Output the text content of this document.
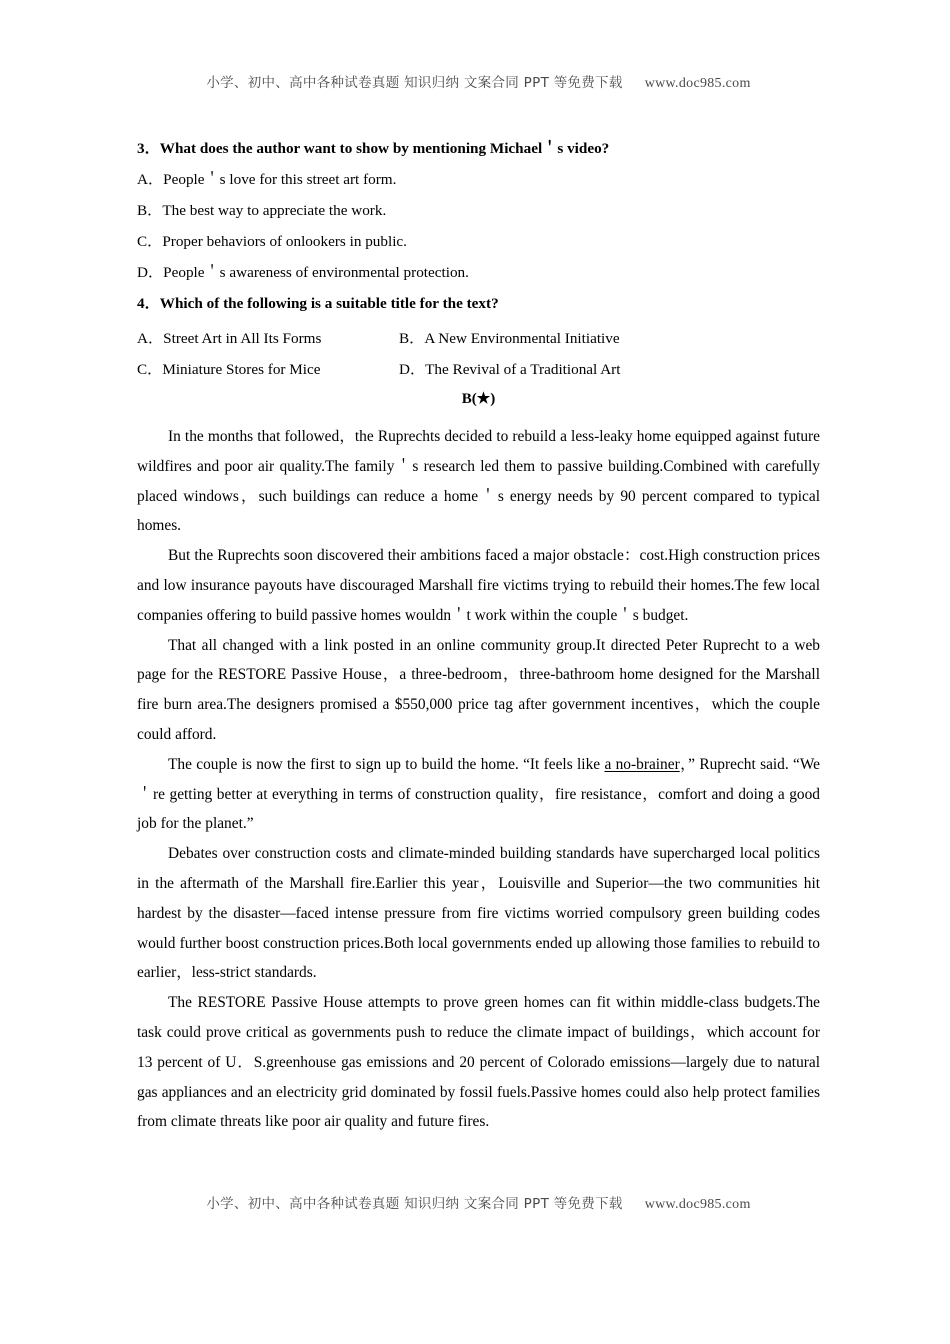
小学、初中、高中各种试卷真题 知识归纳 文案合同 PPT 等免费下载 www.doc985.com
3．What does the author want to show by mentioning Michael＇s video?
A．People＇s love for this street art form.
B．The best way to appreciate the work.
C．Proper behaviors of onlookers in public.
D．People＇s awareness of environmental protection.
4．Which of the following is a suitable title for the text?
A．Street Art in All Its Forms	B．A New Environmental Initiative
C．Miniature Stores for Mice	D．The Revival of a Traditional Art
B(★)

In the months that followed，the Ruprechts decided to rebuild a less-leaky home equipped against future wildfires and poor air quality.The family＇s research led them to passive building.Combined with carefully placed windows，such buildings can reduce a home＇s energy needs by 90 percent compared to typical homes.

But the Ruprechts soon discovered their ambitions faced a major obstacle：cost.High construction prices and low insurance payouts have discouraged Marshall fire victims trying to rebuild their homes.The few local companies offering to build passive homes wouldn＇t work within the couple＇s budget.

That all changed with a link posted in an online community group.It directed Peter Ruprecht to a web page for the RESTORE Passive House，a three-bedroom，three-bathroom home designed for the Marshall fire burn area.The designers promised a $550,000 price tag after government incentives，which the couple could afford.

The couple is now the first to sign up to build the home. “It feels like a no-brainer，” Ruprecht said. “We＇re getting better at everything in terms of construction quality，fire resistance，comfort and doing a good job for the planet.”

Debates over construction costs and climate-minded building standards have supercharged local politics in the aftermath of the Marshall fire.Earlier this year，Louisville and Superior—the two communities hit hardest by the disaster—faced intense pressure from fire victims worried compulsory green building codes would further boost construction prices.Both local governments ended up allowing those families to rebuild to earlier，less-strict standards.

The RESTORE Passive House attempts to prove green homes can fit within middle-class budgets.The task could prove critical as governments push to reduce the climate impact of buildings，which account for 13 percent of U．S.greenhouse gas emissions and 20 percent of Colorado emissions—largely due to natural gas appliances and an electricity grid dominated by fossil fuels.Passive homes could also help protect families from climate threats like poor air quality and future fires.

小学、初中、高中各种试卷真题 知识归纳 文案合同 PPT 等免费下载 www.doc985.com
